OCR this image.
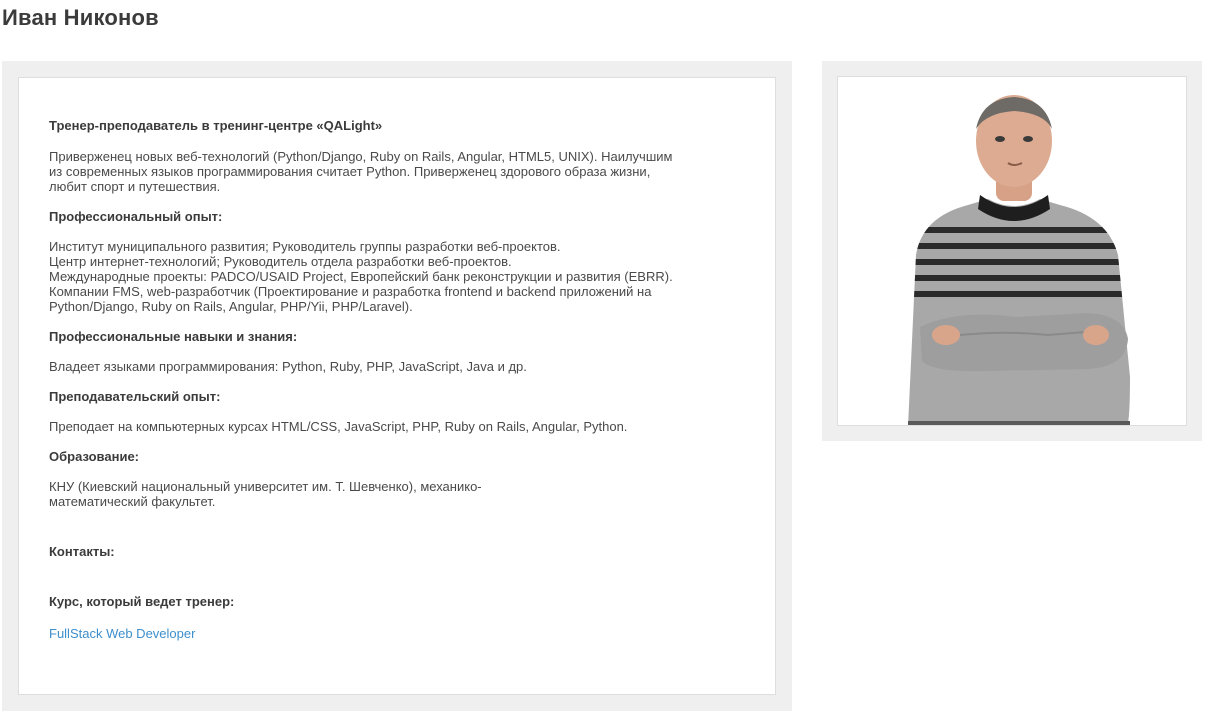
Иван Никонов
Тренер-преподаватель в тренинг-центре «QALight»

Приверженец новых веб-технологий (Python/Django, Ruby on Rails, Angular, HTML5, UNIX). Наилучшим
из современных языков программирования считает Python. Приверженец здорового образа жизни,
любит спорт и путешествия.

Профессиональный опыт:

Институт муниципального развития; Руководитель группы разработки веб-проектов.
Центр интернет-технологий; Руководитель отдела разработки веб-проектов.
Международные проекты: PADCO/USAID Project, Европейский банк реконструкции и развития (EBRR).
Компании FMS, web-разработчик (Проектирование и разработка frontend и backend приложений на
Python/Django, Ruby on Rails, Angular, PHP/Yii, PHP/Laravel).

Профессиональные навыки и знания:

Владеет языками программирования: Python, Ruby, PHP, JavaScript, Java и др.

Преподавательский опыт:

Преподает на компьютерных курсах HTML/CSS, JavaScript, PHP, Ruby on Rails, Angular, Python.

Образование:

КНУ (Киевский национальный университет им. Т. Шевченко), механико-
математический факультет.

Контакты:
Курс, который ведет тренер:
FullStack Web Developer
